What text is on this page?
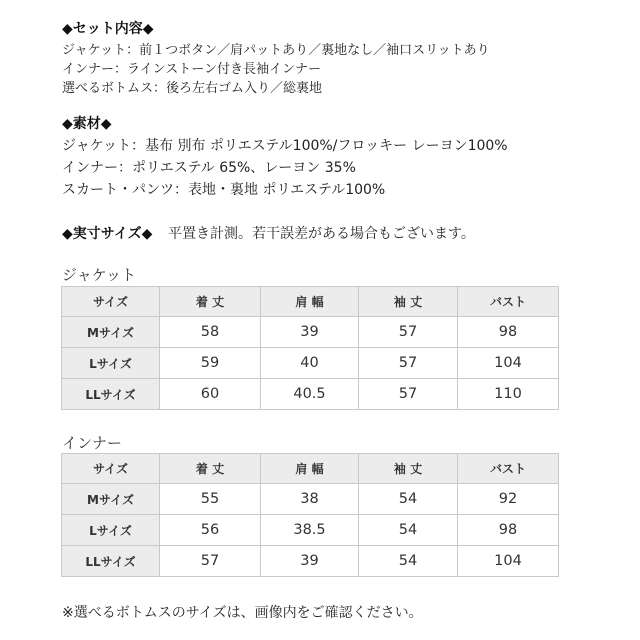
◆セット内容◆
ジャケット：前１つボタン／肩パットあり／裏地なし／袖口スリットあり
インナー：ラインストーン付き長袖インナー
選べるボトムス：後ろ左右ゴム入り／総裏地
◆素材◆
ジャケット：基布 別布 ポリエステル100%/フロッキー レーヨン100%
インナー：ポリエステル 65%、レーヨン 35%
スカート・パンツ：表地・裏地 ポリエステル100%
◆実寸サイズ◆ 平置き計測。若干誤差がある場合もございます。
ジャケット
サイズ	着 丈	肩 幅	袖 丈	バスト
Mサイズ	58	39	57	98
Lサイズ	59	40	57	104
LLサイズ	60	40.5	57	110
インナー
サイズ	着 丈	肩 幅	袖 丈	バスト
Mサイズ	55	38	54	92
Lサイズ	56	38.5	54	98
LLサイズ	57	39	54	104
※選べるボトムスのサイズは、画像内をご確認ください。
